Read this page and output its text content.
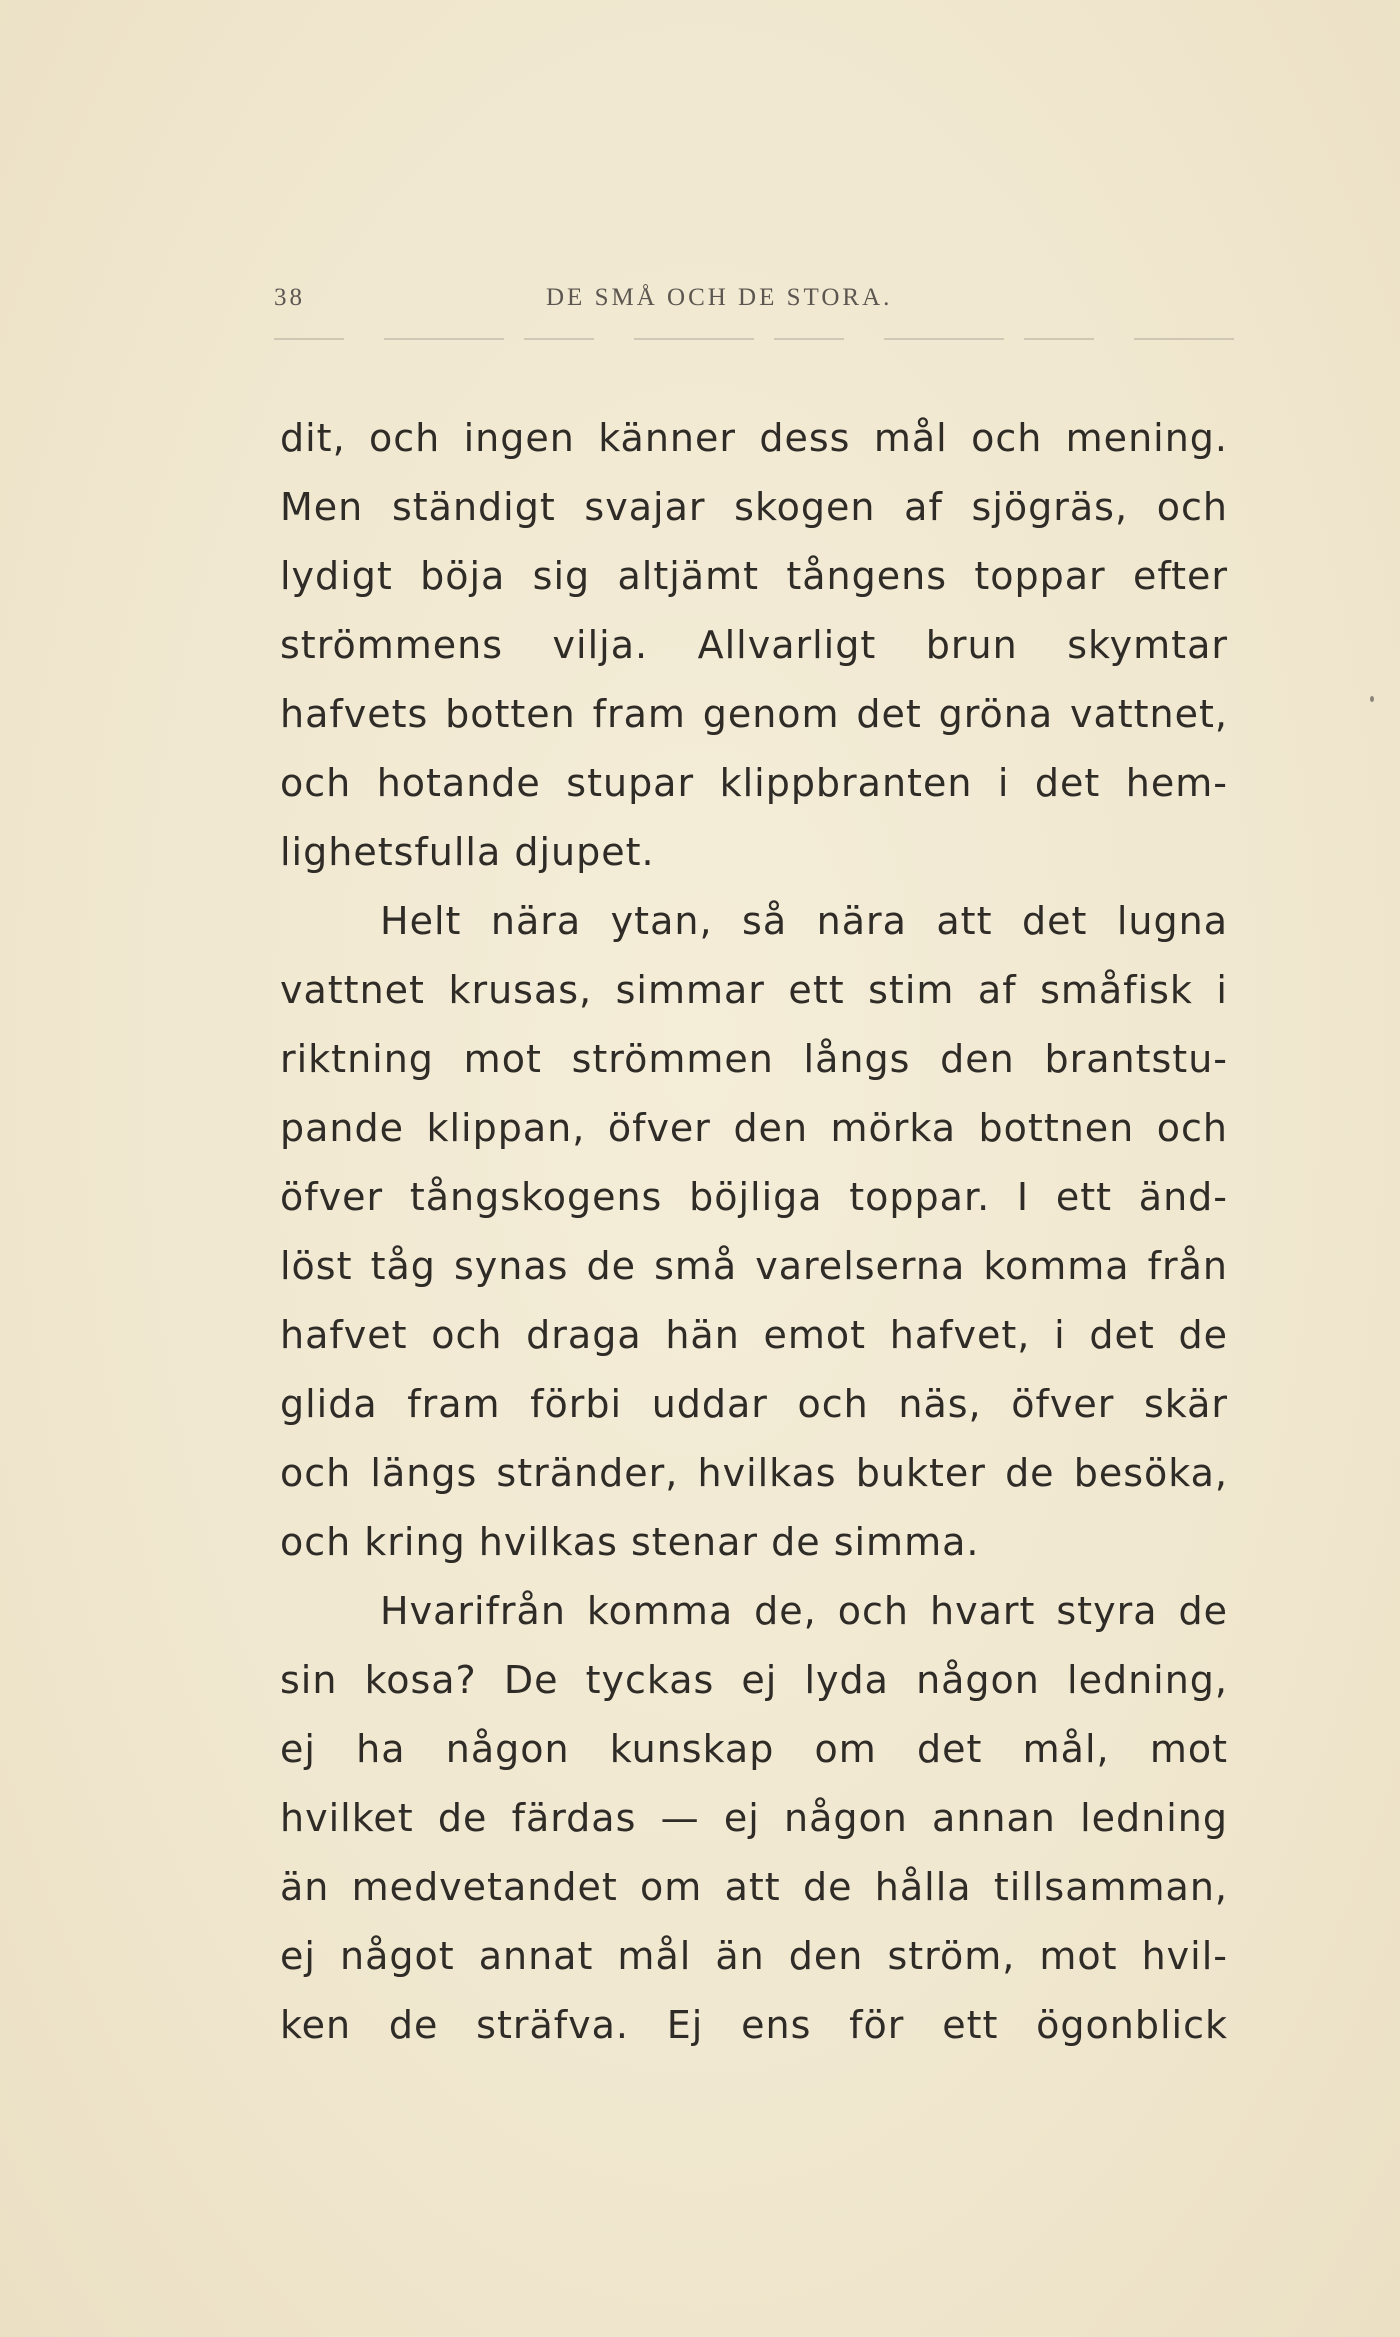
38	DE SMÅ OCH DE STORA.
dit, och ingen känner dess mål och mening.
Men ständigt svajar skogen af sjögräs, och
lydigt böja sig altjämt tångens toppar efter
strömmens vilja. Allvarligt brun skymtar
hafvets botten fram genom det gröna vattnet,
och hotande stupar klippbranten i det hem-
lighetsfulla djupet.
Helt nära ytan, så nära att det lugna
vattnet krusas, simmar ett stim af småfisk i
riktning mot strömmen långs den brantstu-
pande klippan, öfver den mörka bottnen och
öfver tångskogens böjliga toppar. I ett änd-
löst tåg synas de små varelserna komma från
hafvet och draga hän emot hafvet, i det de
glida fram förbi uddar och näs, öfver skär
och längs stränder, hvilkas bukter de besöka,
och kring hvilkas stenar de simma.
Hvarifrån komma de, och hvart styra de
sin kosa? De tyckas ej lyda någon ledning,
ej ha någon kunskap om det mål, mot
hvilket de färdas — ej någon annan ledning
än medvetandet om att de hålla tillsamman,
ej något annat mål än den ström, mot hvil-
ken de sträfva. Ej ens för ett ögonblick
